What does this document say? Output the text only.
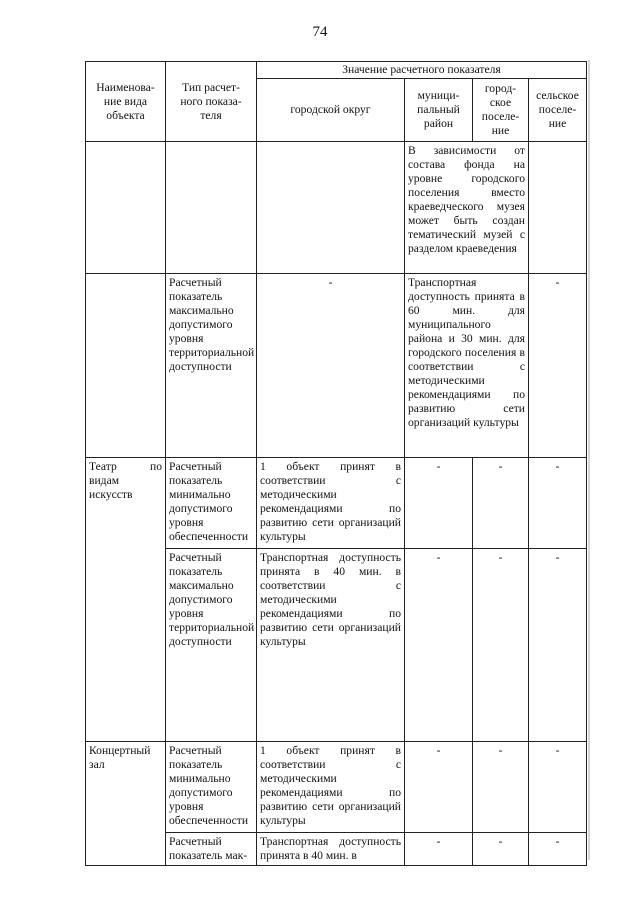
74
Наименова-
ние вида
объекта	Тип расчет-
ного показа-
теля	Значение расчетного показателя			
		городской округ	муници-
пальный
район	город-
ское
поселе-
ние	сельское
поселе-
ние
			В зависимости от состава фонда на уровне городского поселения вместо краеведческого музея может быть создан тематический музей с разделом краеведения		
	Расчетный показатель максимально допустимого уровня территориальной доступности	-	Транспортная доступность принята в 60 мин. для муниципального района и 30 мин. для городского поселения в соответствии с методическими рекомендациями по развитию сети организаций культуры		-
Театр по видам искусств	Расчетный показатель минимально допустимого уровня обеспеченности	1 объект принят в соответствии с методическими рекомендациями по развитию сети организаций культуры	-	-	-
	Расчетный показатель максимально допустимого уровня территориальной доступности	Транспортная доступность принята в 40 мин. в соответствии с методическими рекомендациями по развитию сети организаций культуры	-	-	-
Концертный зал	Расчетный показатель минимально допустимого уровня обеспеченности	1 объект принят в соответствии с методическими рекомендациями по развитию сети организаций культуры	-	-	-
	Расчетный показатель мак-	Транспортная доступность принята в 40 мин. в	-	-	-
